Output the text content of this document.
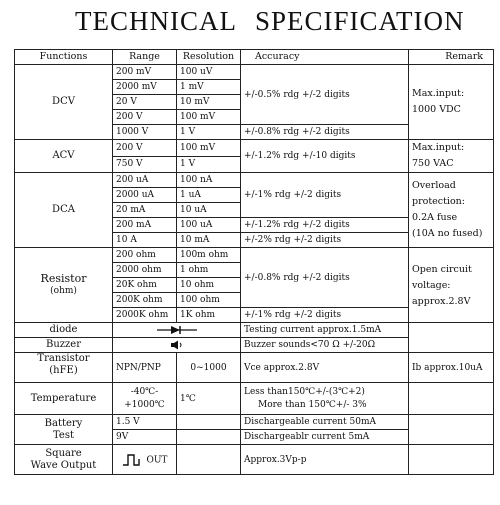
TECHNICAL SPECIFICATION
Functions	Range	Resolution	Accuracy	Remark
DCV	200 mV	100 uV	+/-0.5% rdg +/-2 digits	Max.input:
1000 VDC
	2000 mV	1 mV		
	20 V	10 mV		
	200 V	100 mV		
	1000 V	1 V	+/-0.8% rdg +/-2 digits	
ACV	200 V	100 mV	+/-1.2% rdg +/-10 digits	Max.input:
750 VAC
	750 V	1 V		
DCA	200 uA	100 nA	+/-1% rdg +/-2 digits	Overload
protection:
0.2A fuse
(10A no fused)
	2000 uA	1 uA		
	20 mA	10 uA		
	200 mA	100 uA	+/-1.2% rdg +/-2 digits	
	10 A	10 mA	+/-2% rdg +/-2 digits	
Resistor
(ohm)	200 ohm	100m ohm	+/-0.8% rdg +/-2 digits	Open circuit
voltage:
approx.2.8V
	2000 ohm	1 ohm		
	20K ohm	10 ohm		
	200K ohm	100 ohm		
	2000K ohm	1K ohm	+/-1% rdg +/-2 digits	
diode			Testing current approx.1.5mA	
Buzzer			Buzzer sounds<70 Ω +/-20Ω	
Transistor
(hFE)	NPN/PNP	0~1000	Vce approx.2.8V	Ib approx.10uA
Temperature	-40℃-
+1000℃	1℃	Less than150℃+/-(3℃+2)
More than 150℃+/- 3%	
Battery
Test	1.5 V		Dischargeable current 50mA	
	9V		Dischargeablr current 5mA	
Square
Wave Output	OUT		Approx.3Vp-p	
